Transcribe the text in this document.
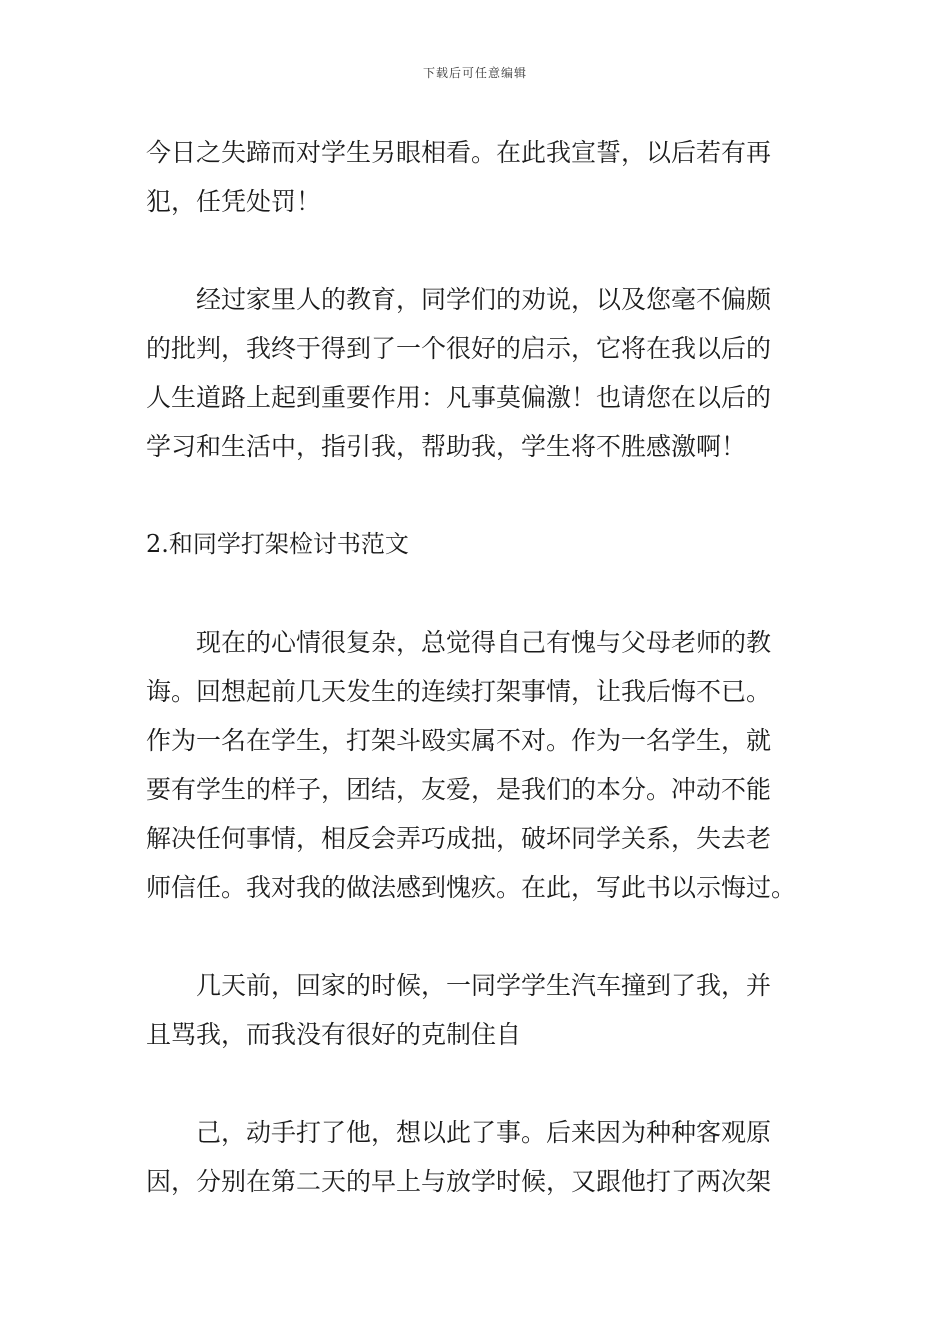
下载后可任意编辑
今日之失蹄而对学生另眼相看。在此我宣誓，以后若有再
犯，任凭处罚！
经过家里人的教育，同学们的劝说，以及您毫不偏颇
的批判，我终于得到了一个很好的启示，它将在我以后的
人生道路上起到重要作用：凡事莫偏激！也请您在以后的
学习和生活中，指引我，帮助我，学生将不胜感激啊！
2.和同学打架检讨书范文
现在的心情很复杂，总觉得自己有愧与父母老师的教
诲。回想起前几天发生的连续打架事情，让我后悔不已。
作为一名在学生，打架斗殴实属不对。作为一名学生，就
要有学生的样子，团结，友爱，是我们的本分。冲动不能
解决任何事情，相反会弄巧成拙，破坏同学关系，失去老
师信任。我对我的做法感到愧疚。在此，写此书以示悔过。
几天前，回家的时候，一同学学生汽车撞到了我，并
且骂我，而我没有很好的克制住自
己，动手打了他，想以此了事。后来因为种种客观原
因，分别在第二天的早上与放学时候，又跟他打了两次架
